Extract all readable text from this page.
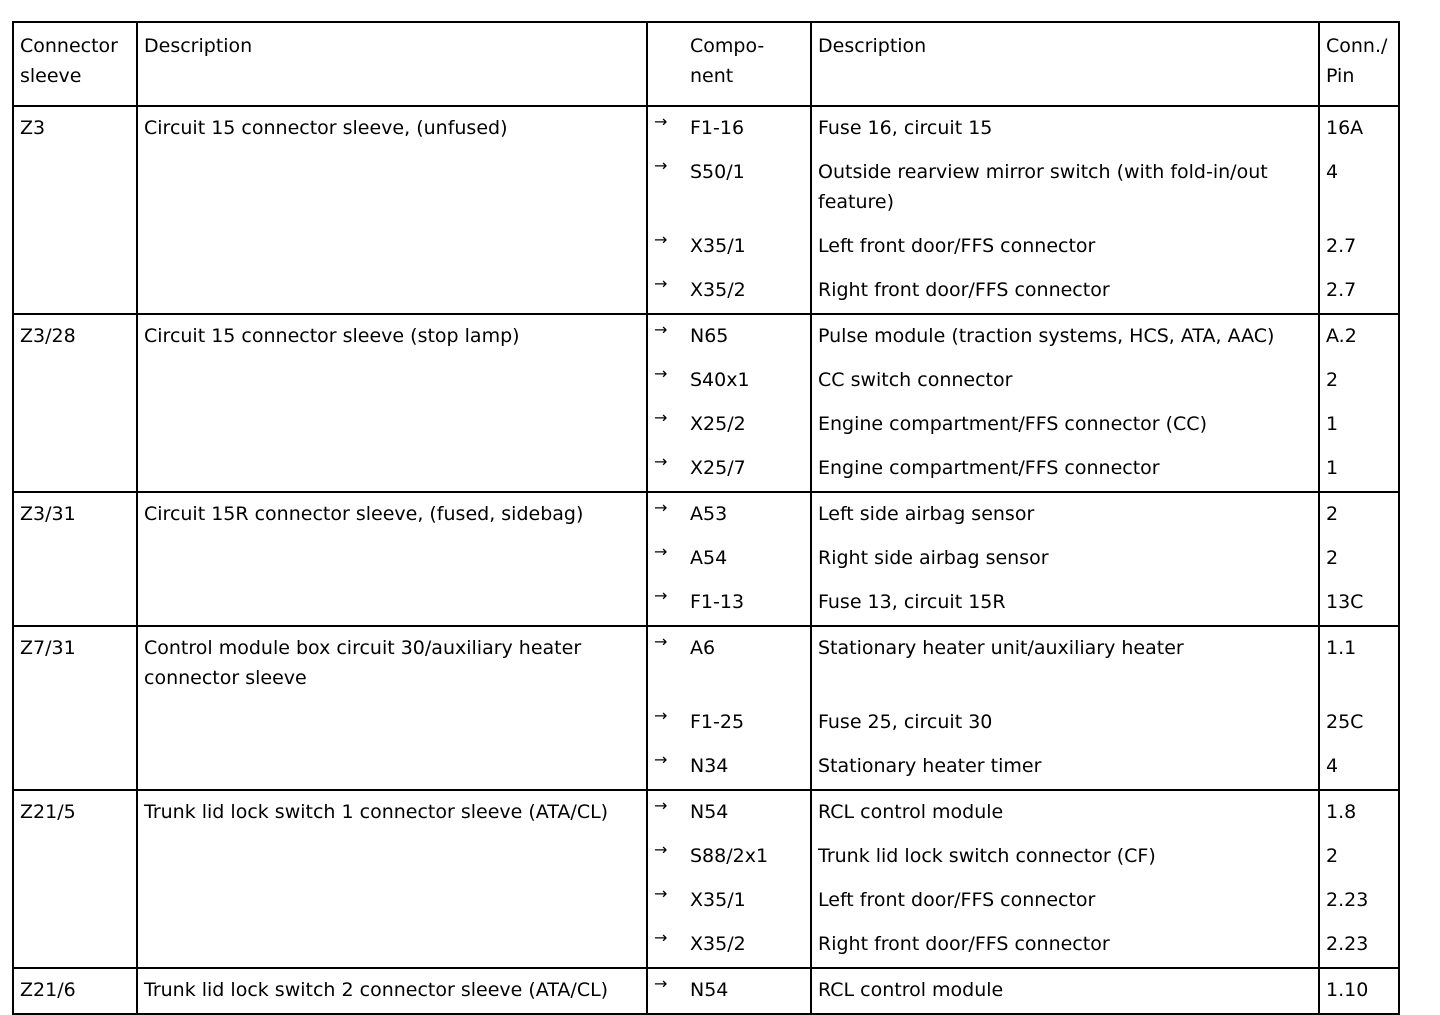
Connector sleeve	Description		Compo- nent	Description	Conn./ Pin
Z3	Circuit 15 connector sleeve, (unfused)	→	F1-16	Fuse 16, circuit 15	16A
		→	S50/1	Outside rearview mirror switch (with fold-in/out feature)	4
		→	X35/1	Left front door/FFS connector	2.7
		→	X35/2	Right front door/FFS connector	2.7
Z3/28	Circuit 15 connector sleeve (stop lamp)	→	N65	Pulse module (traction systems, HCS, ATA, AAC)	A.2
		→	S40x1	CC switch connector	2
		→	X25/2	Engine compartment/FFS connector (CC)	1
		→	X25/7	Engine compartment/FFS connector	1
Z3/31	Circuit 15R connector sleeve, (fused, sidebag)	→	A53	Left side airbag sensor	2
		→	A54	Right side airbag sensor	2
		→	F1-13	Fuse 13, circuit 15R	13C
Z7/31	Control module box circuit 30/auxiliary heater connector sleeve	→	A6	Stationary heater unit/auxiliary heater	1.1
		→	F1-25	Fuse 25, circuit 30	25C
		→	N34	Stationary heater timer	4
Z21/5	Trunk lid lock switch 1 connector sleeve (ATA/CL)	→	N54	RCL control module	1.8
		→	S88/2x1	Trunk lid lock switch connector (CF)	2
		→	X35/1	Left front door/FFS connector	2.23
		→	X35/2	Right front door/FFS connector	2.23
Z21/6	Trunk lid lock switch 2 connector sleeve (ATA/CL)	→	N54	RCL control module	1.10
